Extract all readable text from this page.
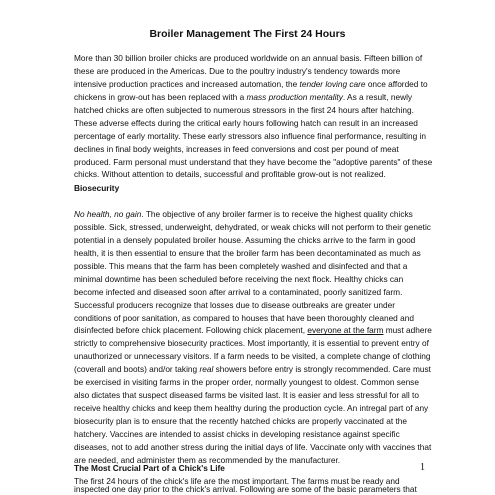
Broiler Management The First 24 Hours
More than 30 billion broiler chicks are produced worldwide on an annual basis. Fifteen billion of
these are produced in the Americas. Due to the poultry industry's tendency towards more
intensive production practices and increased automation, the tender loving care once afforded to
chickens in grow-out has been replaced with a mass production mentality. As a result, newly
hatched chicks are often subjected to numerous stressors in the first 24 hours after hatching.
These adverse effects during the critical early hours following hatch can result in an increased
percentage of early mortality. These early stressors also influence final performance, resulting in
declines in final body weights, increases in feed conversions and cost per pound of meat
produced. Farm personal must understand that they have become the "adoptive parents" of these
chicks. Without attention to details, successful and profitable grow-out is not realized.
Biosecurity
No health, no gain. The objective of any broiler farmer is to receive the highest quality chicks
possible. Sick, stressed, underweight, dehydrated, or weak chicks will not perform to their genetic
potential in a densely populated broiler house. Assuming the chicks arrive to the farm in good
health, it is then essential to ensure that the broiler farm has been decontaminated as much as
possible. This means that the farm has been completely washed and disinfected and that a
minimal downtime has been scheduled before receiving the next flock. Healthy chicks can
become infected and diseased soon after arrival to a contaminated, poorly sanitized farm.
Successful producers recognize that losses due to disease outbreaks are greater under
conditions of poor sanitation, as compared to houses that have been thoroughly cleaned and
disinfected before chick placement. Following chick placement, everyone at the farm must adhere
strictly to comprehensive biosecurity practices. Most importantly, it is essential to prevent entry of
unauthorized or unnecessary visitors. If a farm needs to be visited, a complete change of clothing
(coverall and boots) and/or taking real showers before entry is strongly recommended. Care must
be exercised in visiting farms in the proper order, normally youngest to oldest. Common sense
also dictates that suspect diseased farms be visited last. It is easier and less stressful for all to
receive healthy chicks and keep them healthy during the production cycle. An intregal part of any
biosecurity plan is to ensure that the recently hatched chicks are properly vaccinated at the
hatchery. Vaccines are intended to assist chicks in developing resistance against specific
diseases, not to add another stress during the initial days of life. Vaccinate only with vaccines that
are needed, and administer them as recommended by the manufacturer.
The Most Crucial Part of a Chick's Life
The first 24 hours of the chick's life are the most important. The farms must be ready and
inspected one day prior to the chick's arrival. Following are some of the basic parameters that
1
